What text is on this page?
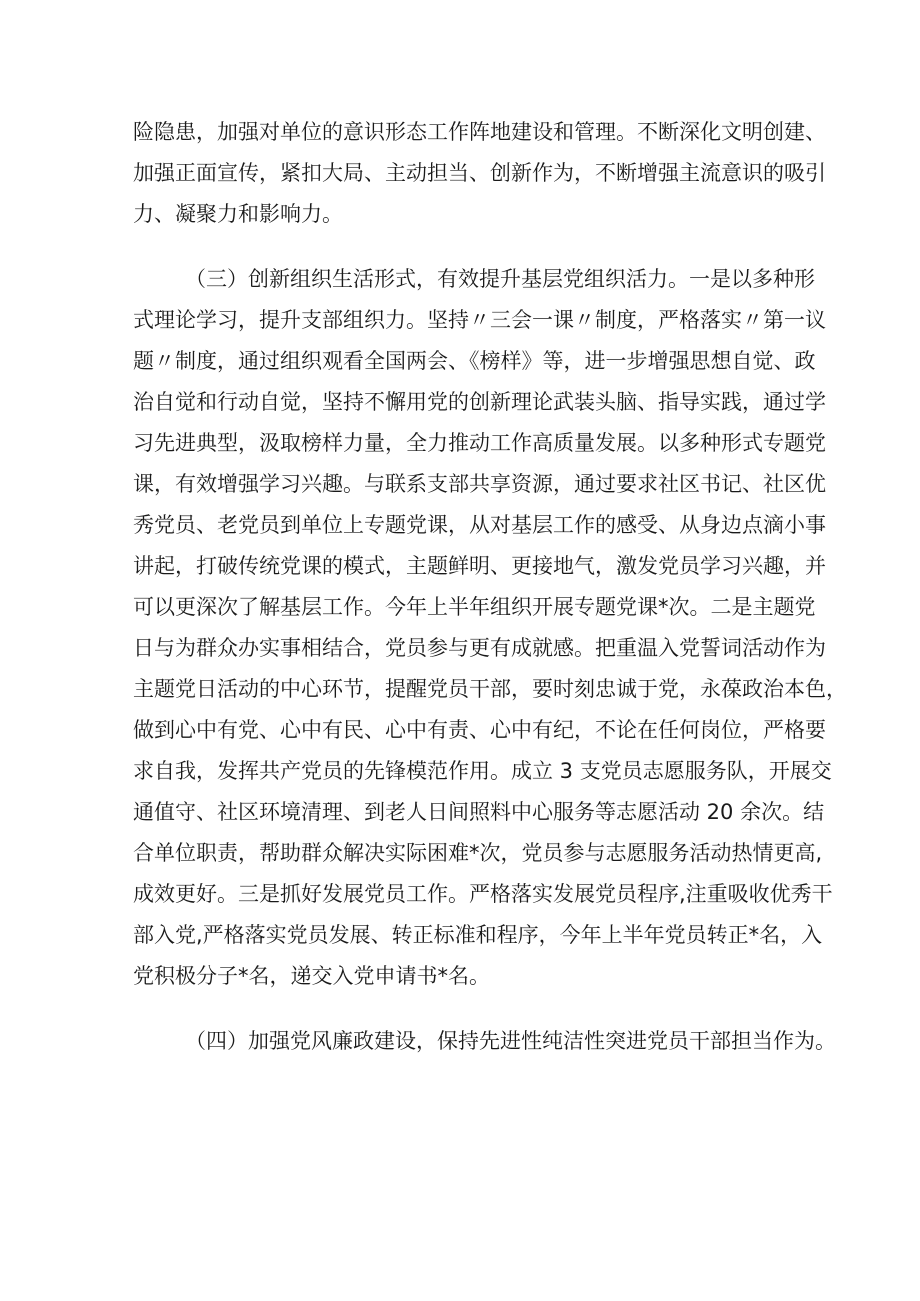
险隐患，加强对单位的意识形态工作阵地建设和管理。不断深化文明创建、
加强正面宣传，紧扣大局、主动担当、创新作为，不断增强主流意识的吸引
力、凝聚力和影响力。

（三）创新组织生活形式，有效提升基层党组织活力。一是以多种形
式理论学习，提升支部组织力。坚持〃三会一课〃制度，严格落实〃第一议
题〃制度，通过组织观看全国两会、《榜样》等，进一步增强思想自觉、政
治自觉和行动自觉，坚持不懈用党的创新理论武装头脑、指导实践，通过学
习先进典型，汲取榜样力量，全力推动工作高质量发展。以多种形式专题党
课，有效增强学习兴趣。与联系支部共享资源，通过要求社区书记、社区优
秀党员、老党员到单位上专题党课，从对基层工作的感受、从身边点滴小事
讲起，打破传统党课的模式，主题鲜明、更接地气，激发党员学习兴趣，并
可以更深次了解基层工作。今年上半年组织开展专题党课*次。二是主题党
日与为群众办实事相结合，党员参与更有成就感。把重温入党誓词活动作为
主题党日活动的中心环节，提醒党员干部，要时刻忠诚于党，永葆政治本色，
做到心中有党、心中有民、心中有责、心中有纪，不论在任何岗位，严格要
求自我，发挥共产党员的先锋模范作用。成立 3 支党员志愿服务队，开展交
通值守、社区环境清理、到老人日间照料中心服务等志愿活动 20 余次。结
合单位职责，帮助群众解决实际困难*次，党员参与志愿服务活动热情更高,
成效更好。三是抓好发展党员工作。严格落实发展党员程序,注重吸收优秀干
部入党,严格落实党员发展、转正标准和程序，今年上半年党员转正*名，入
党积极分子*名，递交入党申请书*名。

（四）加强党风廉政建设，保持先进性纯洁性突进党员干部担当作为。
